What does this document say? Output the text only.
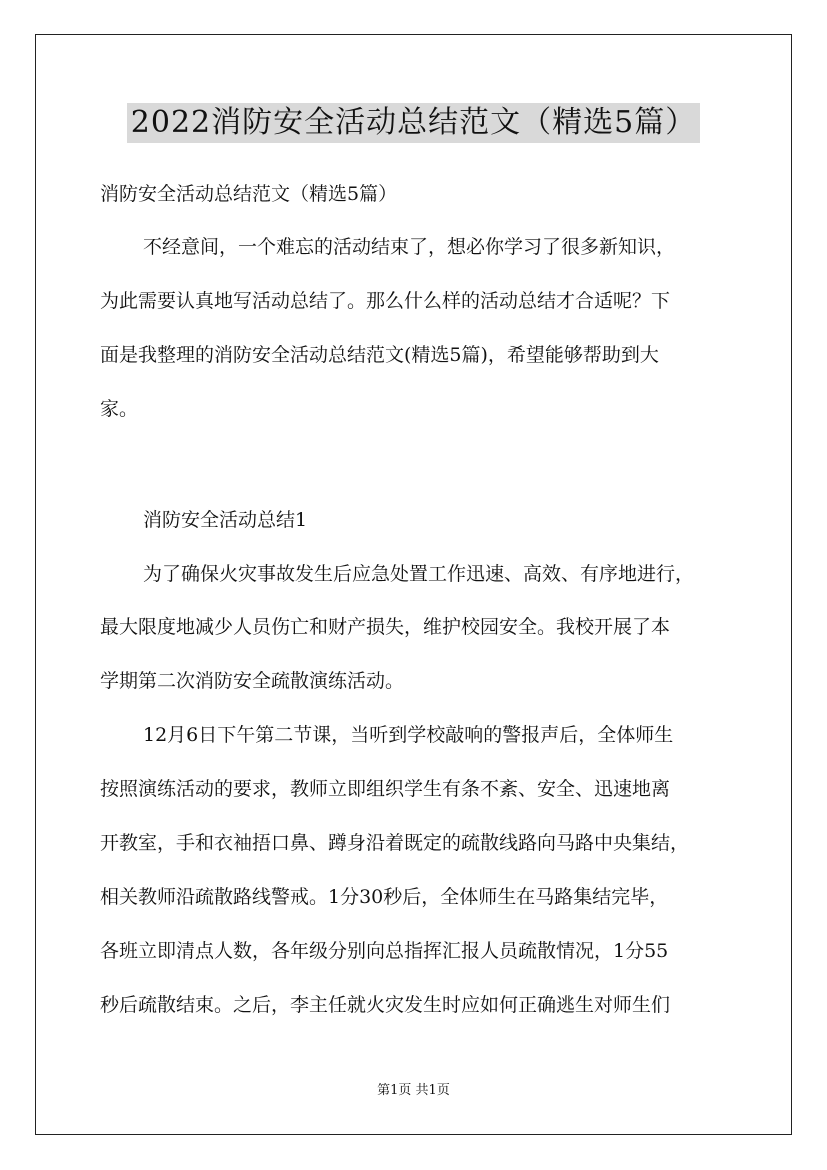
2022消防安全活动总结范文（精选5篇）
消防安全活动总结范文（精选5篇）
不经意间，一个难忘的活动结束了，想必你学习了很多新知识，
为此需要认真地写活动总结了。那么什么样的活动总结才合适呢？下
面是我整理的消防安全活动总结范文(精选5篇)，希望能够帮助到大
家。
消防安全活动总结1
为了确保火灾事故发生后应急处置工作迅速、高效、有序地进行，
最大限度地减少人员伤亡和财产损失，维护校园安全。我校开展了本
学期第二次消防安全疏散演练活动。
12月6日下午第二节课，当听到学校敲响的警报声后，全体师生
按照演练活动的要求，教师立即组织学生有条不紊、安全、迅速地离
开教室，手和衣袖捂口鼻、蹲身沿着既定的疏散线路向马路中央集结，
相关教师沿疏散路线警戒。1分30秒后，全体师生在马路集结完毕，
各班立即清点人数，各年级分别向总指挥汇报人员疏散情况，1分55
秒后疏散结束。之后，李主任就火灾发生时应如何正确逃生对师生们
第1页 共1页
